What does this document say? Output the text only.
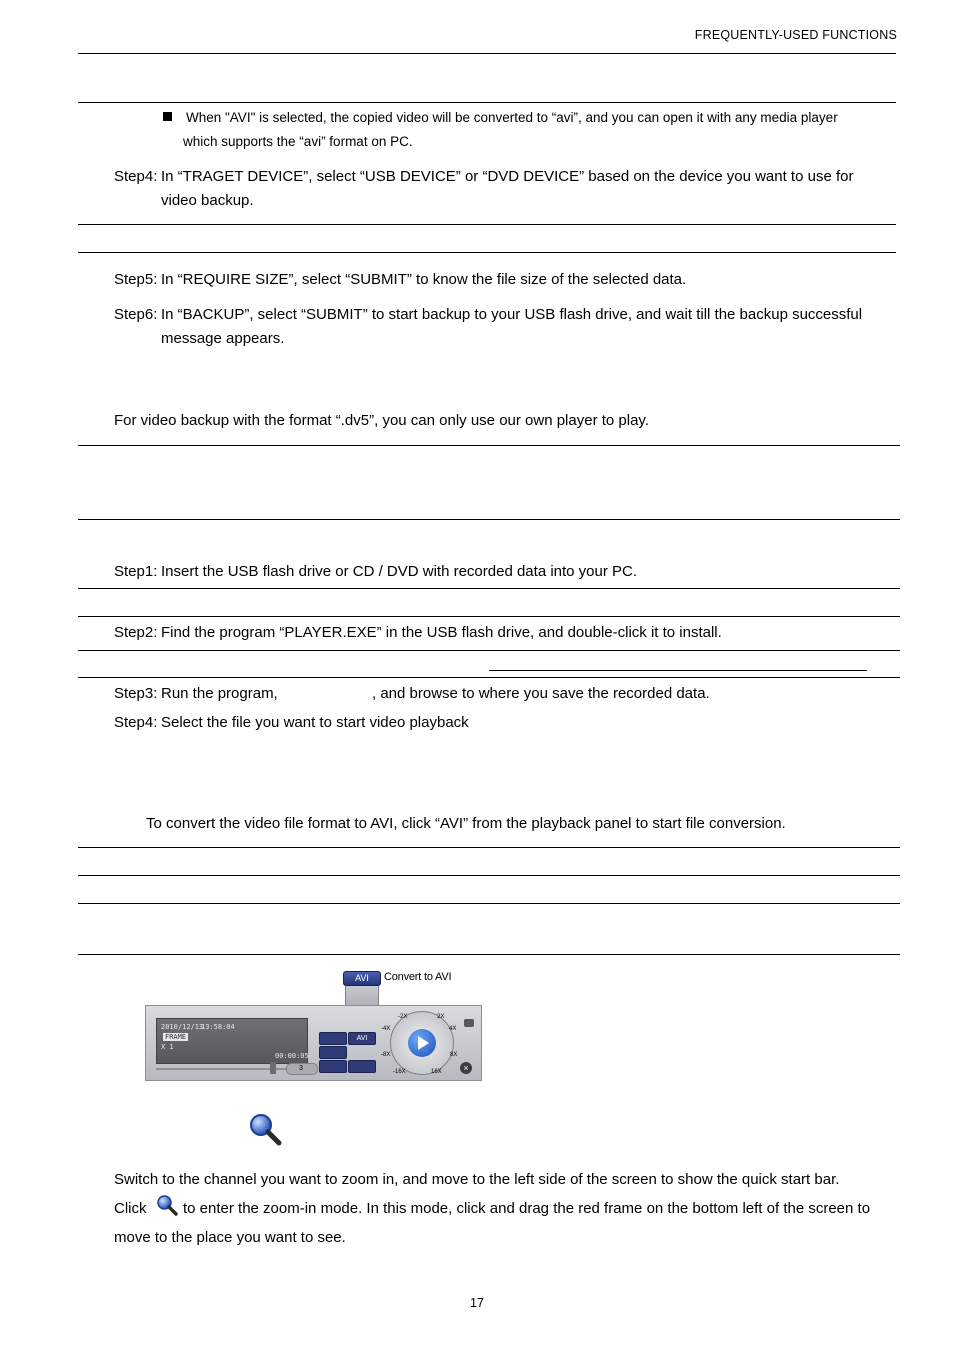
FREQUENTLY-USED FUNCTIONS
When "AVI" is selected, the copied video will be converted to “avi”, and you can open it with any media player
which supports the “avi” format on PC.
Step4: In “TRAGET DEVICE”, select “USB DEVICE” or “DVD DEVICE” based on the device you want to use for
video backup.
Step5: In “REQUIRE SIZE”, select “SUBMIT” to know the file size of the selected data.
Step6: In “BACKUP”, select “SUBMIT” to start backup to your USB flash drive, and wait till the backup successful
message appears.
For video backup with the format “.dv5”, you can only use our own player to play.
Step1: Insert the USB flash drive or CD / DVD with recorded data into your PC.
Step2: Find the program “PLAYER.EXE” in the USB flash drive, and double-click it to install.
Step3: Run the program,	, and browse to where you save the recorded data.
Step4: Select the file you want to start video playback
To convert the video file format to AVI, click “AVI” from the playback panel to start file conversion.
AVI	Convert to AVI
2010/12/13
13:58:04
FRAME
X 1
00:00:05
AVI
-4X	4X
-8X	8X
-16X	16X
2X
-2X
3	×
Switch to the channel you want to zoom in, and move to the left side of the screen to show the quick start bar.
Click to enter the zoom-in mode. In this mode, click and drag the red frame on the bottom left of the screen to
move to the place you want to see.
17
